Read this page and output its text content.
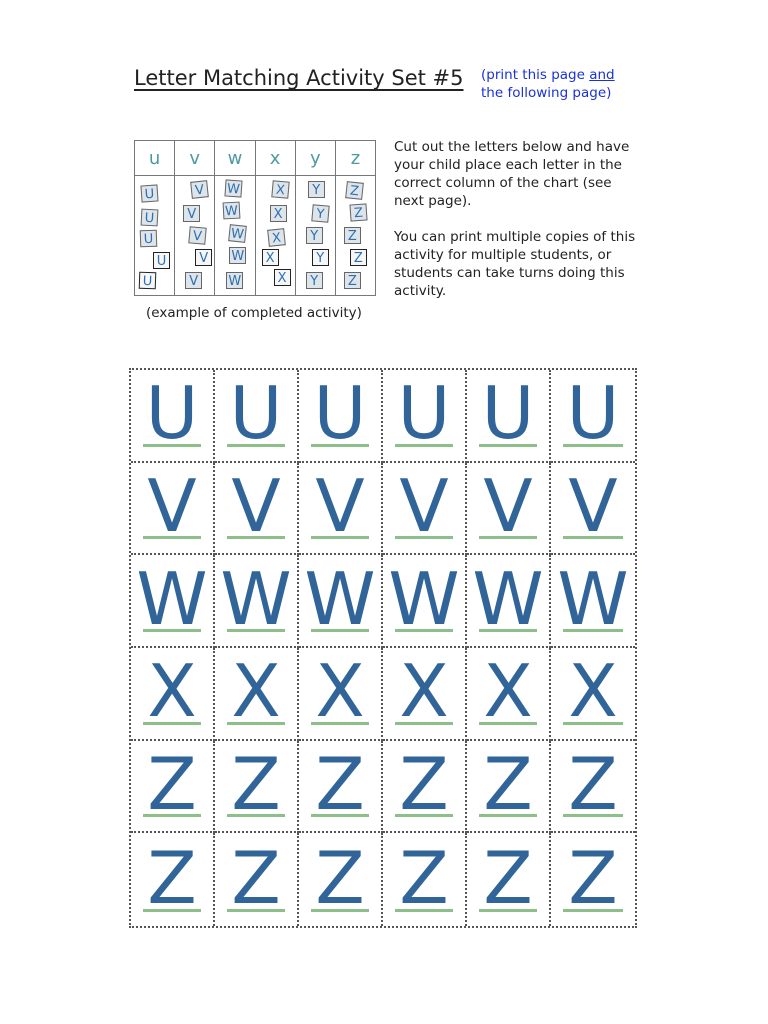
Letter Matching Activity Set #5 (print this page and
the following page)
u
U
U
U
U
U
v
V
V
V
V
V
w
W
W
W
W
W
x
X
X
X
X
X
y
Y
Y
Y
Y
Y
z
Z
Z
Z
Z
Z
(example of completed activity)

Cut out the letters below and have your child place each letter in the correct column of the chart (see next page).

You can print multiple copies of this activity for multiple students, or students can take turns doing this activity.

U U U U U U
V V V V V V
W W W W W W
X X X X X X
Z Z Z Z Z Z
Z Z Z Z Z Z
